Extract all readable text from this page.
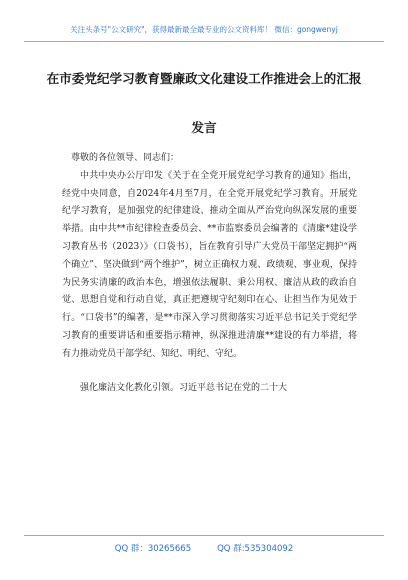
关注头条号"公文研究"，获得最新最全最专业的公文资料库！ 微信：gongwenyj
在市委党纪学习教育暨廉政文化建设工作推进会上的汇报
发言

尊敬的各位领导、同志们：

中共中央办公厅印发《关于在全党开展党纪学习教育的通知》指出，经党中央同意，自2024年4月至7月，在全党开展党纪学习教育。开展党纪学习教育，是加强党的纪律建设、推动全面从严治党向纵深发展的重要举措。由中共**市纪律检查委员会、**市监察委员会编著的《清廉*建设学习教育丛书（2023）》（口袋书），旨在教育引导广大党员干部坚定拥护“两个确立”、坚决做到“两个维护”，树立正确权力观、政绩观、事业观，保持为民务实清廉的政治本色，增强依法履职、秉公用权、廉洁从政的政治自觉、思想自觉和行动自觉，真正把遵规守纪刻印在心、让担当作为见效于行。“口袋书”的编著，是**市深入学习贯彻落实习近平总书记关于党纪学习教育的重要讲话和重要指示精神，纵深推进清廉**建设的有力举措，将有力推动党员干部学纪、知纪、明纪、守纪。

强化廉洁文化教化引领。习近平总书记在党的二十大

QQ 群：30265665	QQ 群:535304092
